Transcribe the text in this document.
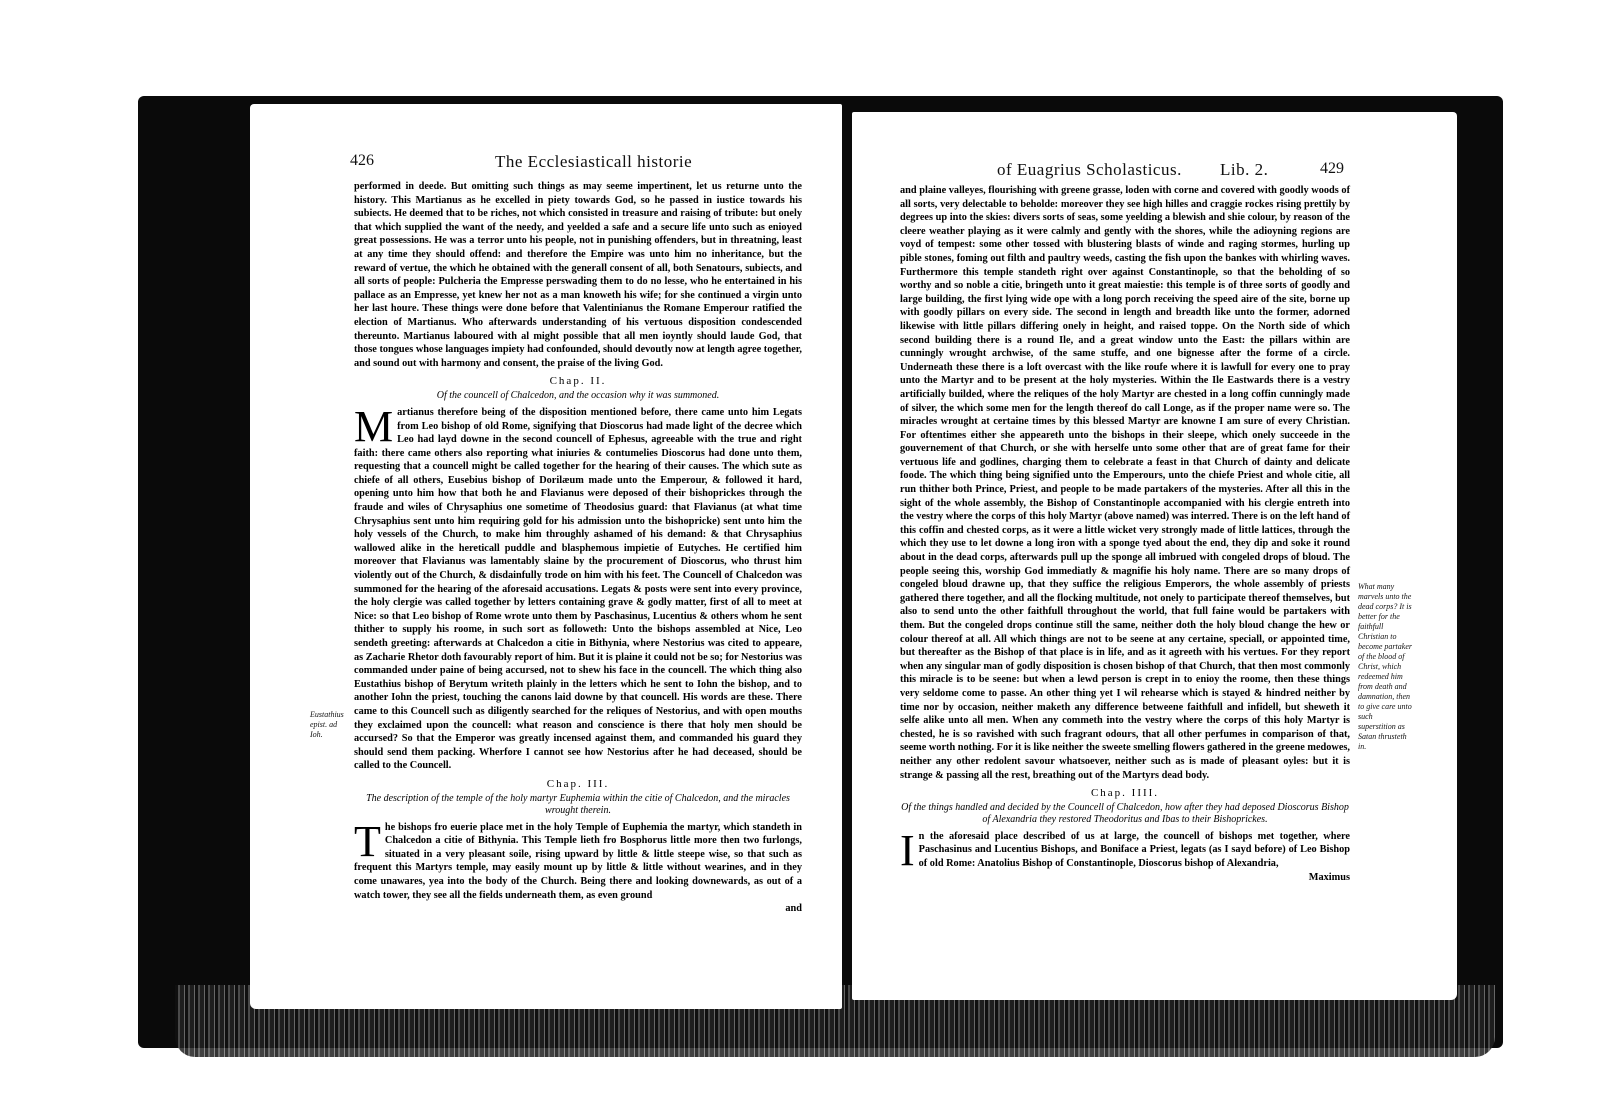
426	The Ecclesiasticall historie

performed in deede. But omitting such things as may seeme impertinent, let us returne unto the history. This Martianus as he excelled in piety towards God, so he passed in iustice towards his subiects. He deemed that to be riches, not which consisted in treasure and raising of tribute: but onely that which supplied the want of the needy, and yeelded a safe and a secure life unto such as enioyed great possessions. He was a terror unto his people, not in punishing offenders, but in threatning, least at any time they should offend: and therefore the Empire was unto him no inheritance, but the reward of vertue, the which he obtained with the generall consent of all, both Senatours, subiects, and all sorts of people: Pulcheria the Empresse perswading them to do no lesse, who he entertained in his pallace as an Empresse, yet knew her not as a man knoweth his wife; for she continued a virgin unto her last houre. These things were done before that Valentinianus the Romane Emperour ratified the election of Martianus. Who afterwards understanding of his vertuous disposition condescended thereunto. Martianus laboured with al might possible that all men ioyntly should laude God, that those tongues whose languages impiety had confounded, should devoutly now at length agree together, and sound out with harmony and consent, the praise of the living God.

Chap. II.
Of the councell of Chalcedon, and the occasion why it was summoned.

Martianus therefore being of the disposition mentioned before, there came unto him Legats from Leo bishop of old Rome, signifying that Dioscorus had made light of the decree which Leo had layd downe in the second councell of Ephesus, agreeable with the true and right faith: there came others also reporting what iniuries & contumelies Dioscorus had done unto them, requesting that a councell might be called together for the hearing of their causes. The which sute as chiefe of all others, Eusebius bishop of Dorilæum made unto the Emperour, & followed it hard, opening unto him how that both he and Flavianus were deposed of their bishoprickes through the fraude and wiles of Chrysaphius one sometime of Theodosius guard: that Flavianus (at what time Chrysaphius sent unto him requiring gold for his admission unto the bishopricke) sent unto him the holy vessels of the Church, to make him throughly ashamed of his demand: & that Chrysaphius wallowed alike in the hereticall puddle and blasphemous impietie of Eutyches. He certified him moreover that Flavianus was lamentably slaine by the procurement of Dioscorus, who thrust him violently out of the Church, & disdainfully trode on him with his feet. The Councell of Chalcedon was summoned for the hearing of the aforesaid accusations. Legats & posts were sent into every province, the holy clergie was called together by letters containing grave & godly matter, first of all to meet at Nice: so that Leo bishop of Rome wrote unto them by Paschasinus, Lucentius & others whom he sent thither to supply his roome, in such sort as followeth: Unto the bishops assembled at Nice, Leo sendeth greeting: afterwards at Chalcedon a citie in Bithynia, where Nestorius was cited to appeare, as Zacharie Rhetor doth favourably report of him. But it is plaine it could not be so; for Nestorius was commanded under paine of being accursed, not to shew his face in the councell. The which thing also Eustathius bishop of Berytum writeth plainly in the letters which he sent to Iohn the bishop, and to another Iohn the priest, touching the canons laid downe by that councell. His words are these. There came to this Councell such as diligently searched for the reliques of Nestorius, and with open mouths they exclaimed upon the councell: what reason and conscience is there that holy men should be accursed? So that the Emperor was greatly incensed against them, and commanded his guard they should send them packing. Wherfore I cannot see how Nestorius after he had deceased, should be called to the Councell.

Chap. III.
The description of the temple of the holy martyr Euphemia within the citie of Chalcedon, and the miracles wrought therein.

The bishops fro euerie place met in the holy Temple of Euphemia the martyr, which standeth in Chalcedon a citie of Bithynia. This Temple lieth fro Bosphorus little more then two furlongs, situated in a very pleasant soile, rising upward by little & little steepe wise, so that such as frequent this Martyrs temple, may easily mount up by little & little without wearines, and in they come unawares, yea into the body of the Church. Being there and looking downewards, as out of a watch tower, they see all the fields underneath them, as even ground

and
Eustathius epist. ad Ioh.
of Euagrius Scholasticus. Lib. 2.	429

and plaine valleyes, flourishing with greene grasse, loden with corne and covered with goodly woods of all sorts, very delectable to beholde: moreover they see high hilles and craggie rockes rising prettily by degrees up into the skies: divers sorts of seas, some yeelding a blewish and shie colour, by reason of the cleere weather playing as it were calmly and gently with the shores, while the adioyning regions are voyd of tempest: some other tossed with blustering blasts of winde and raging stormes, hurling up pible stones, foming out filth and paultry weeds, casting the fish upon the bankes with whirling waves. Furthermore this temple standeth right over against Constantinople, so that the beholding of so worthy and so noble a citie, bringeth unto it great maiestie: this temple is of three sorts of goodly and large building, the first lying wide ope with a long porch receiving the speed aire of the site, borne up with goodly pillars on every side. The second in length and breadth like unto the former, adorned likewise with little pillars differing onely in height, and raised toppe. On the North side of which second building there is a round Ile, and a great window unto the East: the pillars within are cunningly wrought archwise, of the same stuffe, and one bignesse after the forme of a circle. Underneath these there is a loft overcast with the like roufe where it is lawfull for every one to pray unto the Martyr and to be present at the holy mysteries. Within the Ile Eastwards there is a vestry artificially builded, where the reliques of the holy Martyr are chested in a long coffin cunningly made of silver, the which some men for the length thereof do call Longe, as if the proper name were so. The miracles wrought at certaine times by this blessed Martyr are knowne I am sure of every Christian. For oftentimes either she appeareth unto the bishops in their sleepe, which onely succeede in the gouvernement of that Church, or she with herselfe unto some other that are of great fame for their vertuous life and godlines, charging them to celebrate a feast in that Church of dainty and delicate foode. The which thing being signified unto the Emperours, unto the chiefe Priest and whole citie, all run thither both Prince, Priest, and people to be made partakers of the mysteries. After all this in the sight of the whole assembly, the Bishop of Constantinople accompanied with his clergie entreth into the vestry where the corps of this holy Martyr (above named) was interred. There is on the left hand of this coffin and chested corps, as it were a little wicket very strongly made of little lattices, through the which they use to let downe a long iron with a sponge tyed about the end, they dip and soke it round about in the dead corps, afterwards pull up the sponge all imbrued with congeled drops of bloud. The people seeing this, worship God immediatly & magnifie his holy name. There are so many drops of congeled bloud drawne up, that they suffice the religious Emperors, the whole assembly of priests gathered there together, and all the flocking multitude, not onely to participate thereof themselves, but also to send unto the other faithfull throughout the world, that full faine would be partakers with them. But the congeled drops continue still the same, neither doth the holy bloud change the hew or colour thereof at all. All which things are not to be seene at any certaine, speciall, or appointed time, but thereafter as the Bishop of that place is in life, and as it agreeth with his vertues. For they report when any singular man of godly disposition is chosen bishop of that Church, that then most commonly this miracle is to be seene: but when a lewd person is crept in to enioy the roome, then these things very seldome come to passe. An other thing yet I wil rehearse which is stayed & hindred neither by time nor by occasion, neither maketh any difference betweene faithfull and infidell, but sheweth it selfe alike unto all men. When any commeth into the vestry where the corps of this holy Martyr is chested, he is so ravished with such fragrant odours, that all other perfumes in comparison of that, seeme worth nothing. For it is like neither the sweete smelling flowers gathered in the greene medowes, neither any other redolent savour whatsoever, neither such as is made of pleasant oyles: but it is strange & passing all the rest, breathing out of the Martyrs dead body.

Chap. IIII.
Of the things handled and decided by the Councell of Chalcedon, how after they had deposed Dioscorus Bishop of Alexandria they restored Theodoritus and Ibas to their Bishoprickes.

In the aforesaid place described of us at large, the councell of bishops met together, where Paschasinus and Lucentius Bishops, and Boniface a Priest, legats (as I sayd before) of Leo Bishop of old Rome: Anatolius Bishop of Constantinople, Dioscorus bishop of Alexandria,

Maximus
What many marvels unto the dead corps? It is better for the faithfull Christian to become partaker of the blood of Christ, which redeemed him from death and damnation, then to give care unto such superstition as Satan thrusteth in.
